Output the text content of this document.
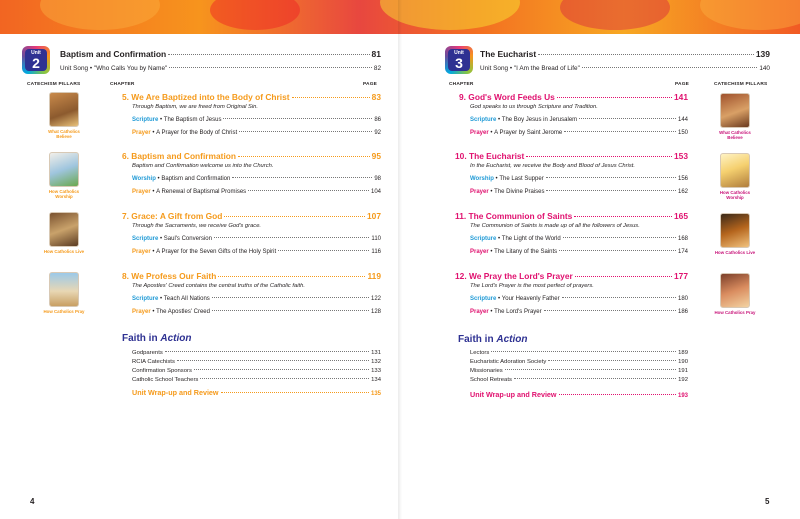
Unit
2
Baptism and Confirmation	81
Unit Song • "Who Calls You by Name"	82
CATECHISM PILLARS	CHAPTER	PAGE
What Catholics Believe
How Catholics Worship
How Catholics Live
How Catholics Pray
5. We Are Baptized into the Body of Christ	83
Through Baptism, we are freed from Original Sin.
Scripture • The Baptism of Jesus	86
Prayer • A Prayer for the Body of Christ	92
6. Baptism and Confirmation	95
Baptism and Confirmation welcome us into the Church.
Worship • Baptism and Confirmation	98
Prayer • A Renewal of Baptismal Promises	104
7. Grace: A Gift from God	107
Through the Sacraments, we receive God's grace.
Scripture • Saul's Conversion	110
Prayer • A Prayer for the Seven Gifts of the Holy Spirit	116
8. We Profess Our Faith	119
The Apostles' Creed contains the central truths of the Catholic faith.
Scripture • Teach All Nations	122
Prayer • The Apostles' Creed	128
Faith in Action
Godparents	131
RCIA Catechists	132
Confirmation Sponsors	133
Catholic School Teachers	134
Unit Wrap-up and Review	135
4
Unit
3
The Eucharist	139
Unit Song • "I Am the Bread of Life"	140
CHAPTER	PAGE	CATECHISM PILLARS
9. God's Word Feeds Us	141
God speaks to us through Scripture and Tradition.
Scripture • The Boy Jesus in Jerusalem	144
Prayer • A Prayer by Saint Jerome	150
10. The Eucharist	153
In the Eucharist, we receive the Body and Blood of Jesus Christ.
Worship • The Last Supper	156
Prayer • The Divine Praises	162
11. The Communion of Saints	165
The Communion of Saints is made up of all the followers of Jesus.
Scripture • The Light of the World	168
Prayer • The Litany of the Saints	174
12. We Pray the Lord's Prayer	177
The Lord's Prayer is the most perfect of prayers.
Scripture • Your Heavenly Father	180
Prayer • The Lord's Prayer	186
Faith in Action
Lectors	189
Eucharistic Adoration Society	190
Missionaries	191
School Retreats	192
Unit Wrap-up and Review	193
What Catholics Believe
How Catholics Worship
How Catholics Live
How Catholics Pray
5
